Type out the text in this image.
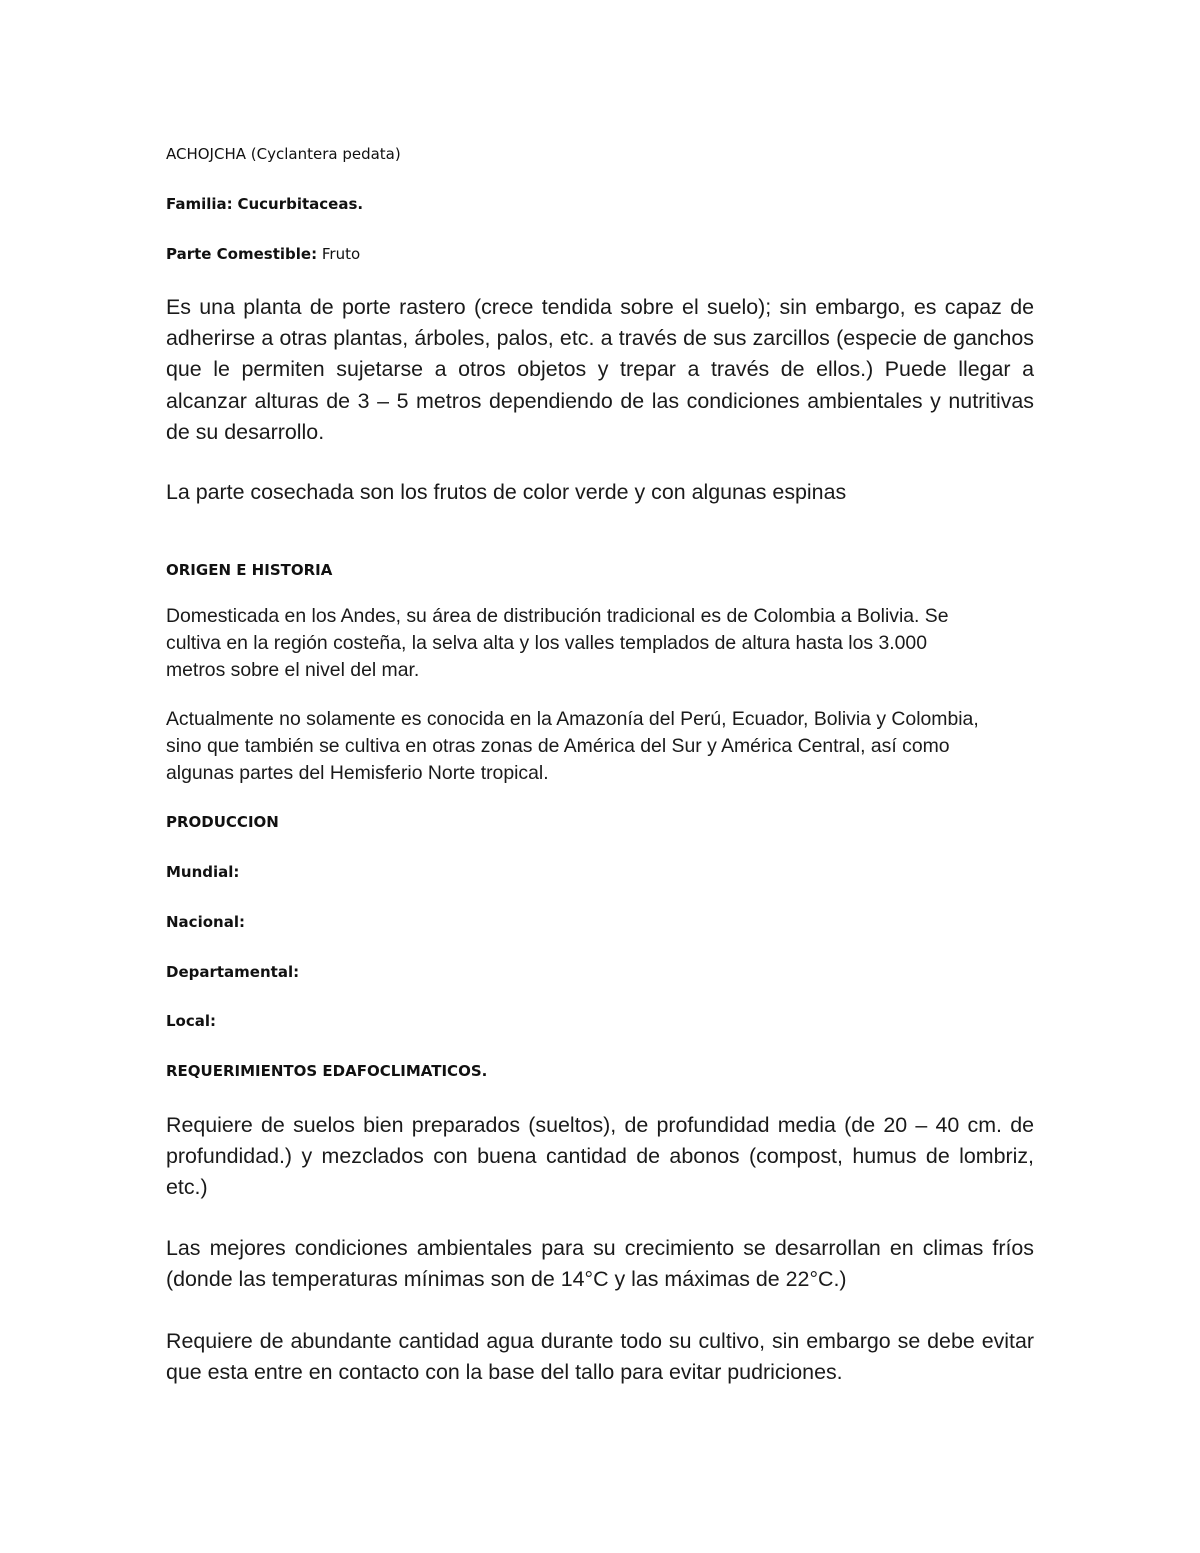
ACHOJCHA (Cyclantera pedata)

Familia: Cucurbitaceas.

Parte Comestible: Fruto

Es una planta de porte rastero (crece tendida sobre el suelo); sin embargo, es capaz de adherirse a otras plantas, árboles, palos, etc. a través de sus zarcillos (especie de ganchos que le permiten sujetarse a otros objetos y trepar a través de ellos.) Puede llegar a alcanzar alturas de 3 – 5 metros dependiendo de las condiciones ambientales y nutritivas de su desarrollo.

La parte cosechada son los frutos de color verde y con algunas espinas

ORIGEN E HISTORIA

Domesticada en los Andes, su área de distribución tradicional es de Colombia a Bolivia. Se
cultiva en la región costeña, la selva alta y los valles templados de altura hasta los 3.000
metros sobre el nivel del mar.
Actualmente no solamente es conocida en la Amazonía del Perú, Ecuador, Bolivia y Colombia,
sino que también se cultiva en otras zonas de América del Sur y América Central, así como
algunas partes del Hemisferio Norte tropical.

PRODUCCION

Mundial:

Nacional:

Departamental:

Local:

REQUERIMIENTOS EDAFOCLIMATICOS.

Requiere de suelos bien preparados (sueltos), de profundidad media (de 20 – 40 cm. de profundidad.) y mezclados con buena cantidad de abonos (compost, humus de lombriz, etc.)

Las mejores condiciones ambientales para su crecimiento se desarrollan en climas fríos (donde las temperaturas mínimas son de 14°C y las máximas de 22°C.)

Requiere de abundante cantidad agua durante todo su cultivo, sin embargo se debe evitar que esta entre en contacto con la base del tallo para evitar pudriciones.
